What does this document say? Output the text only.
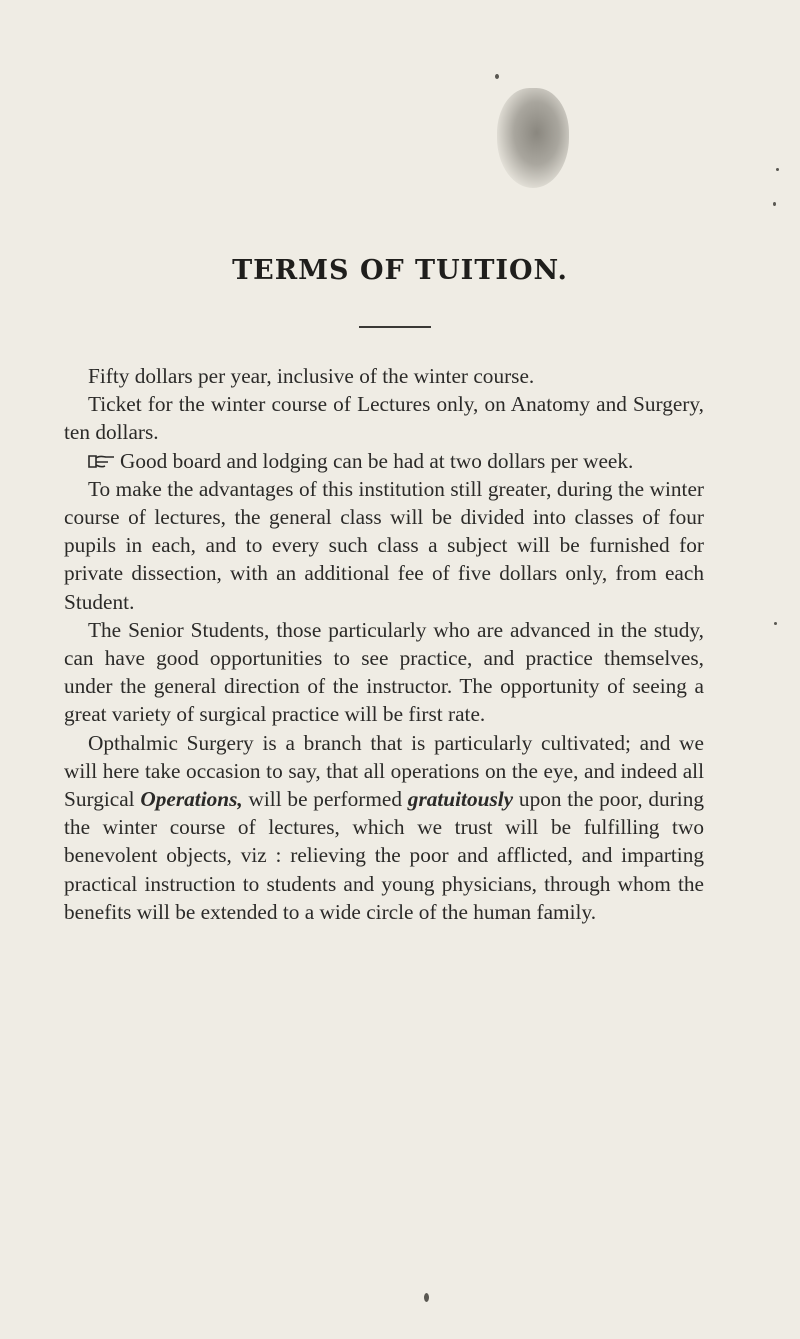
TERMS OF TUITION.

Fifty dollars per year, inclusive of the winter course.

Ticket for the winter course of Lectures only, on Anatomy and Surgery, ten dollars.

Good board and lodging can be had at two dollars per week.

To make the advantages of this institution still greater, during the winter course of lectures, the general class will be divided into classes of four pupils in each, and to every such class a subject will be furnished for private dissection, with an additional fee of five dollars only, from each Student.

The Senior Students, those particularly who are advanced in the study, can have good opportunities to see practice, and practice themselves, under the general direction of the instructor. The opportunity of seeing a great variety of surgical practice will be first rate.

Opthalmic Surgery is a branch that is particularly cultivated; and we will here take occasion to say, that all operations on the eye, and indeed all Surgical Operations, will be performed gratuitously upon the poor, during the winter course of lectures, which we trust will be fulfilling two benevolent objects, viz : relieving the poor and afflicted, and imparting practical instruction to students and young physicians, through whom the benefits will be extended to a wide circle of the human family.
